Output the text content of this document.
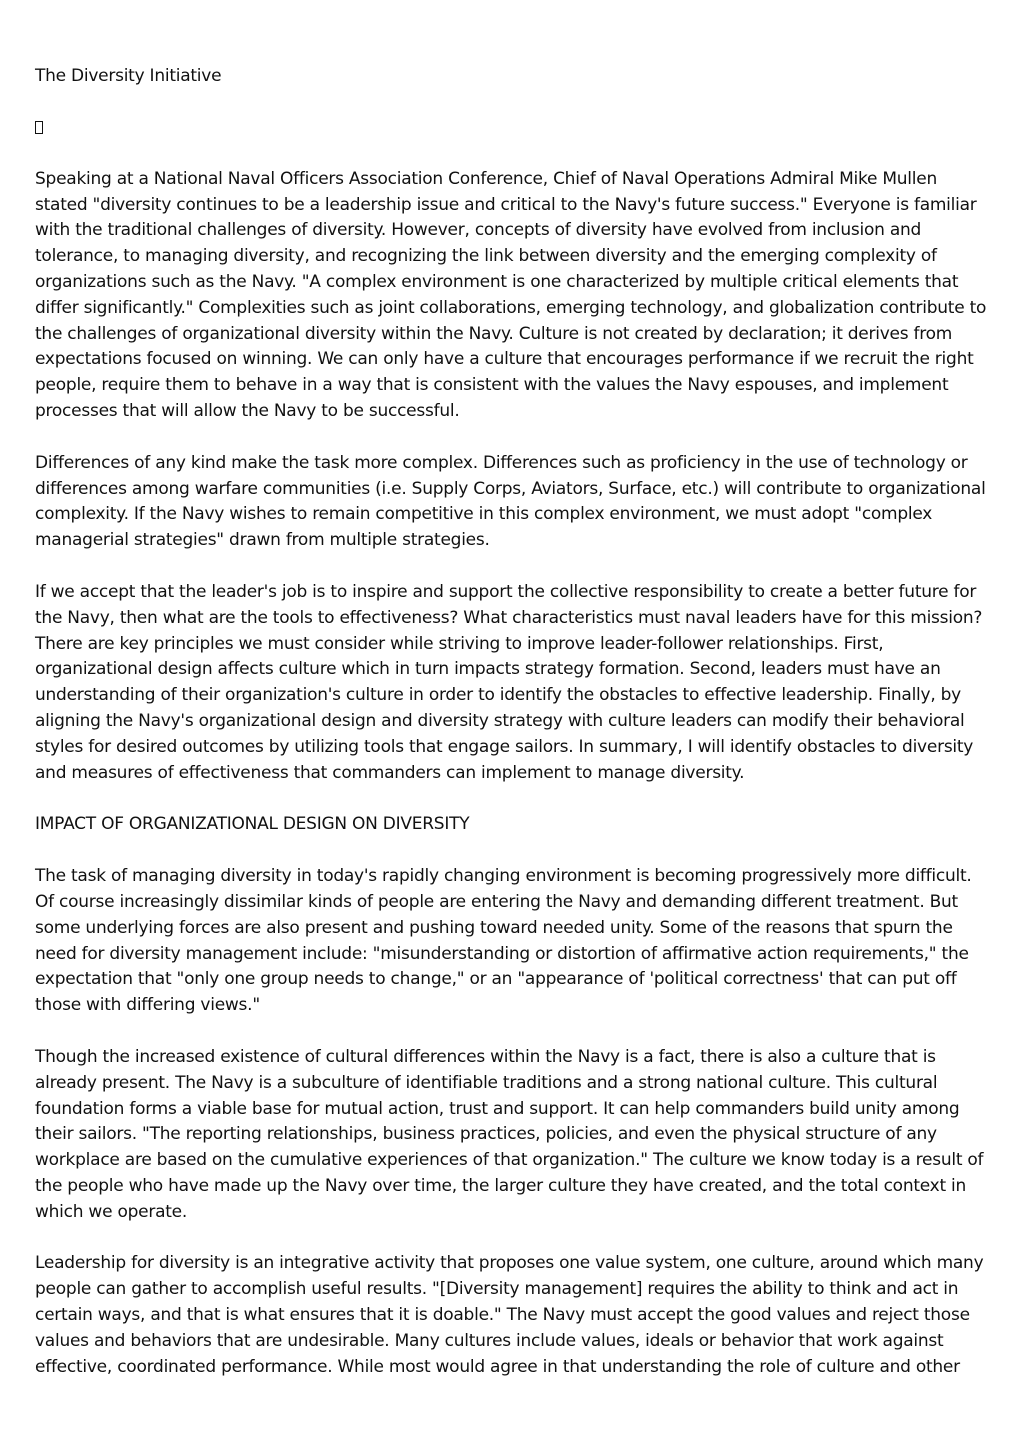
The Diversity Initiative

Speaking at a National Naval Officers Association Conference, Chief of Naval Operations Admiral Mike Mullen stated "diversity continues to be a leadership issue and critical to the Navy's future success." Everyone is familiar with the traditional challenges of diversity. However, concepts of diversity have evolved from inclusion and tolerance, to managing diversity, and recognizing the link between diversity and the emerging complexity of organizations such as the Navy. "A complex environment is one characterized by multiple critical elements that differ significantly." Complexities such as joint collaborations, emerging technology, and globalization contribute to the challenges of organizational diversity within the Navy. Culture is not created by declaration; it derives from expectations focused on winning. We can only have a culture that encourages performance if we recruit the right people, require them to behave in a way that is consistent with the values the Navy espouses, and implement processes that will allow the Navy to be successful.

Differences of any kind make the task more complex. Differences such as proficiency in the use of technology or differences among warfare communities (i.e. Supply Corps, Aviators, Surface, etc.) will contribute to organizational complexity. If the Navy wishes to remain competitive in this complex environment, we must adopt "complex managerial strategies" drawn from multiple strategies.

If we accept that the leader's job is to inspire and support the collective responsibility to create a better future for the Navy, then what are the tools to effectiveness? What characteristics must naval leaders have for this mission? There are key principles we must consider while striving to improve leader-follower relationships. First, organizational design affects culture which in turn impacts strategy formation. Second, leaders must have an understanding of their organization's culture in order to identify the obstacles to effective leadership. Finally, by aligning the Navy's organizational design and diversity strategy with culture leaders can modify their behavioral styles for desired outcomes by utilizing tools that engage sailors. In summary, I will identify obstacles to diversity and measures of effectiveness that commanders can implement to manage diversity.

IMPACT OF ORGANIZATIONAL DESIGN ON DIVERSITY

The task of managing diversity in today's rapidly changing environment is becoming progressively more difficult. Of course increasingly dissimilar kinds of people are entering the Navy and demanding different treatment. But some underlying forces are also present and pushing toward needed unity. Some of the reasons that spurn the need for diversity management include: "misunderstanding or distortion of affirmative action requirements," the expectation that "only one group needs to change," or an "appearance of 'political correctness' that can put off those with differing views."

Though the increased existence of cultural differences within the Navy is a fact, there is also a culture that is already present. The Navy is a subculture of identifiable traditions and a strong national culture. This cultural foundation forms a viable base for mutual action, trust and support. It can help commanders build unity among their sailors. "The reporting relationships, business practices, policies, and even the physical structure of any workplace are based on the cumulative experiences of that organization." The culture we know today is a result of the people who have made up the Navy over time, the larger culture they have created, and the total context in which we operate.

Leadership for diversity is an integrative activity that proposes one value system, one culture, around which many people can gather to accomplish useful results. "[Diversity management] requires the ability to think and act in certain ways, and that is what ensures that it is doable." The Navy must accept the good values and reject those values and behaviors that are undesirable. Many cultures include values, ideals or behavior that work against effective, coordinated performance. While most would agree in that understanding the role of culture and other
